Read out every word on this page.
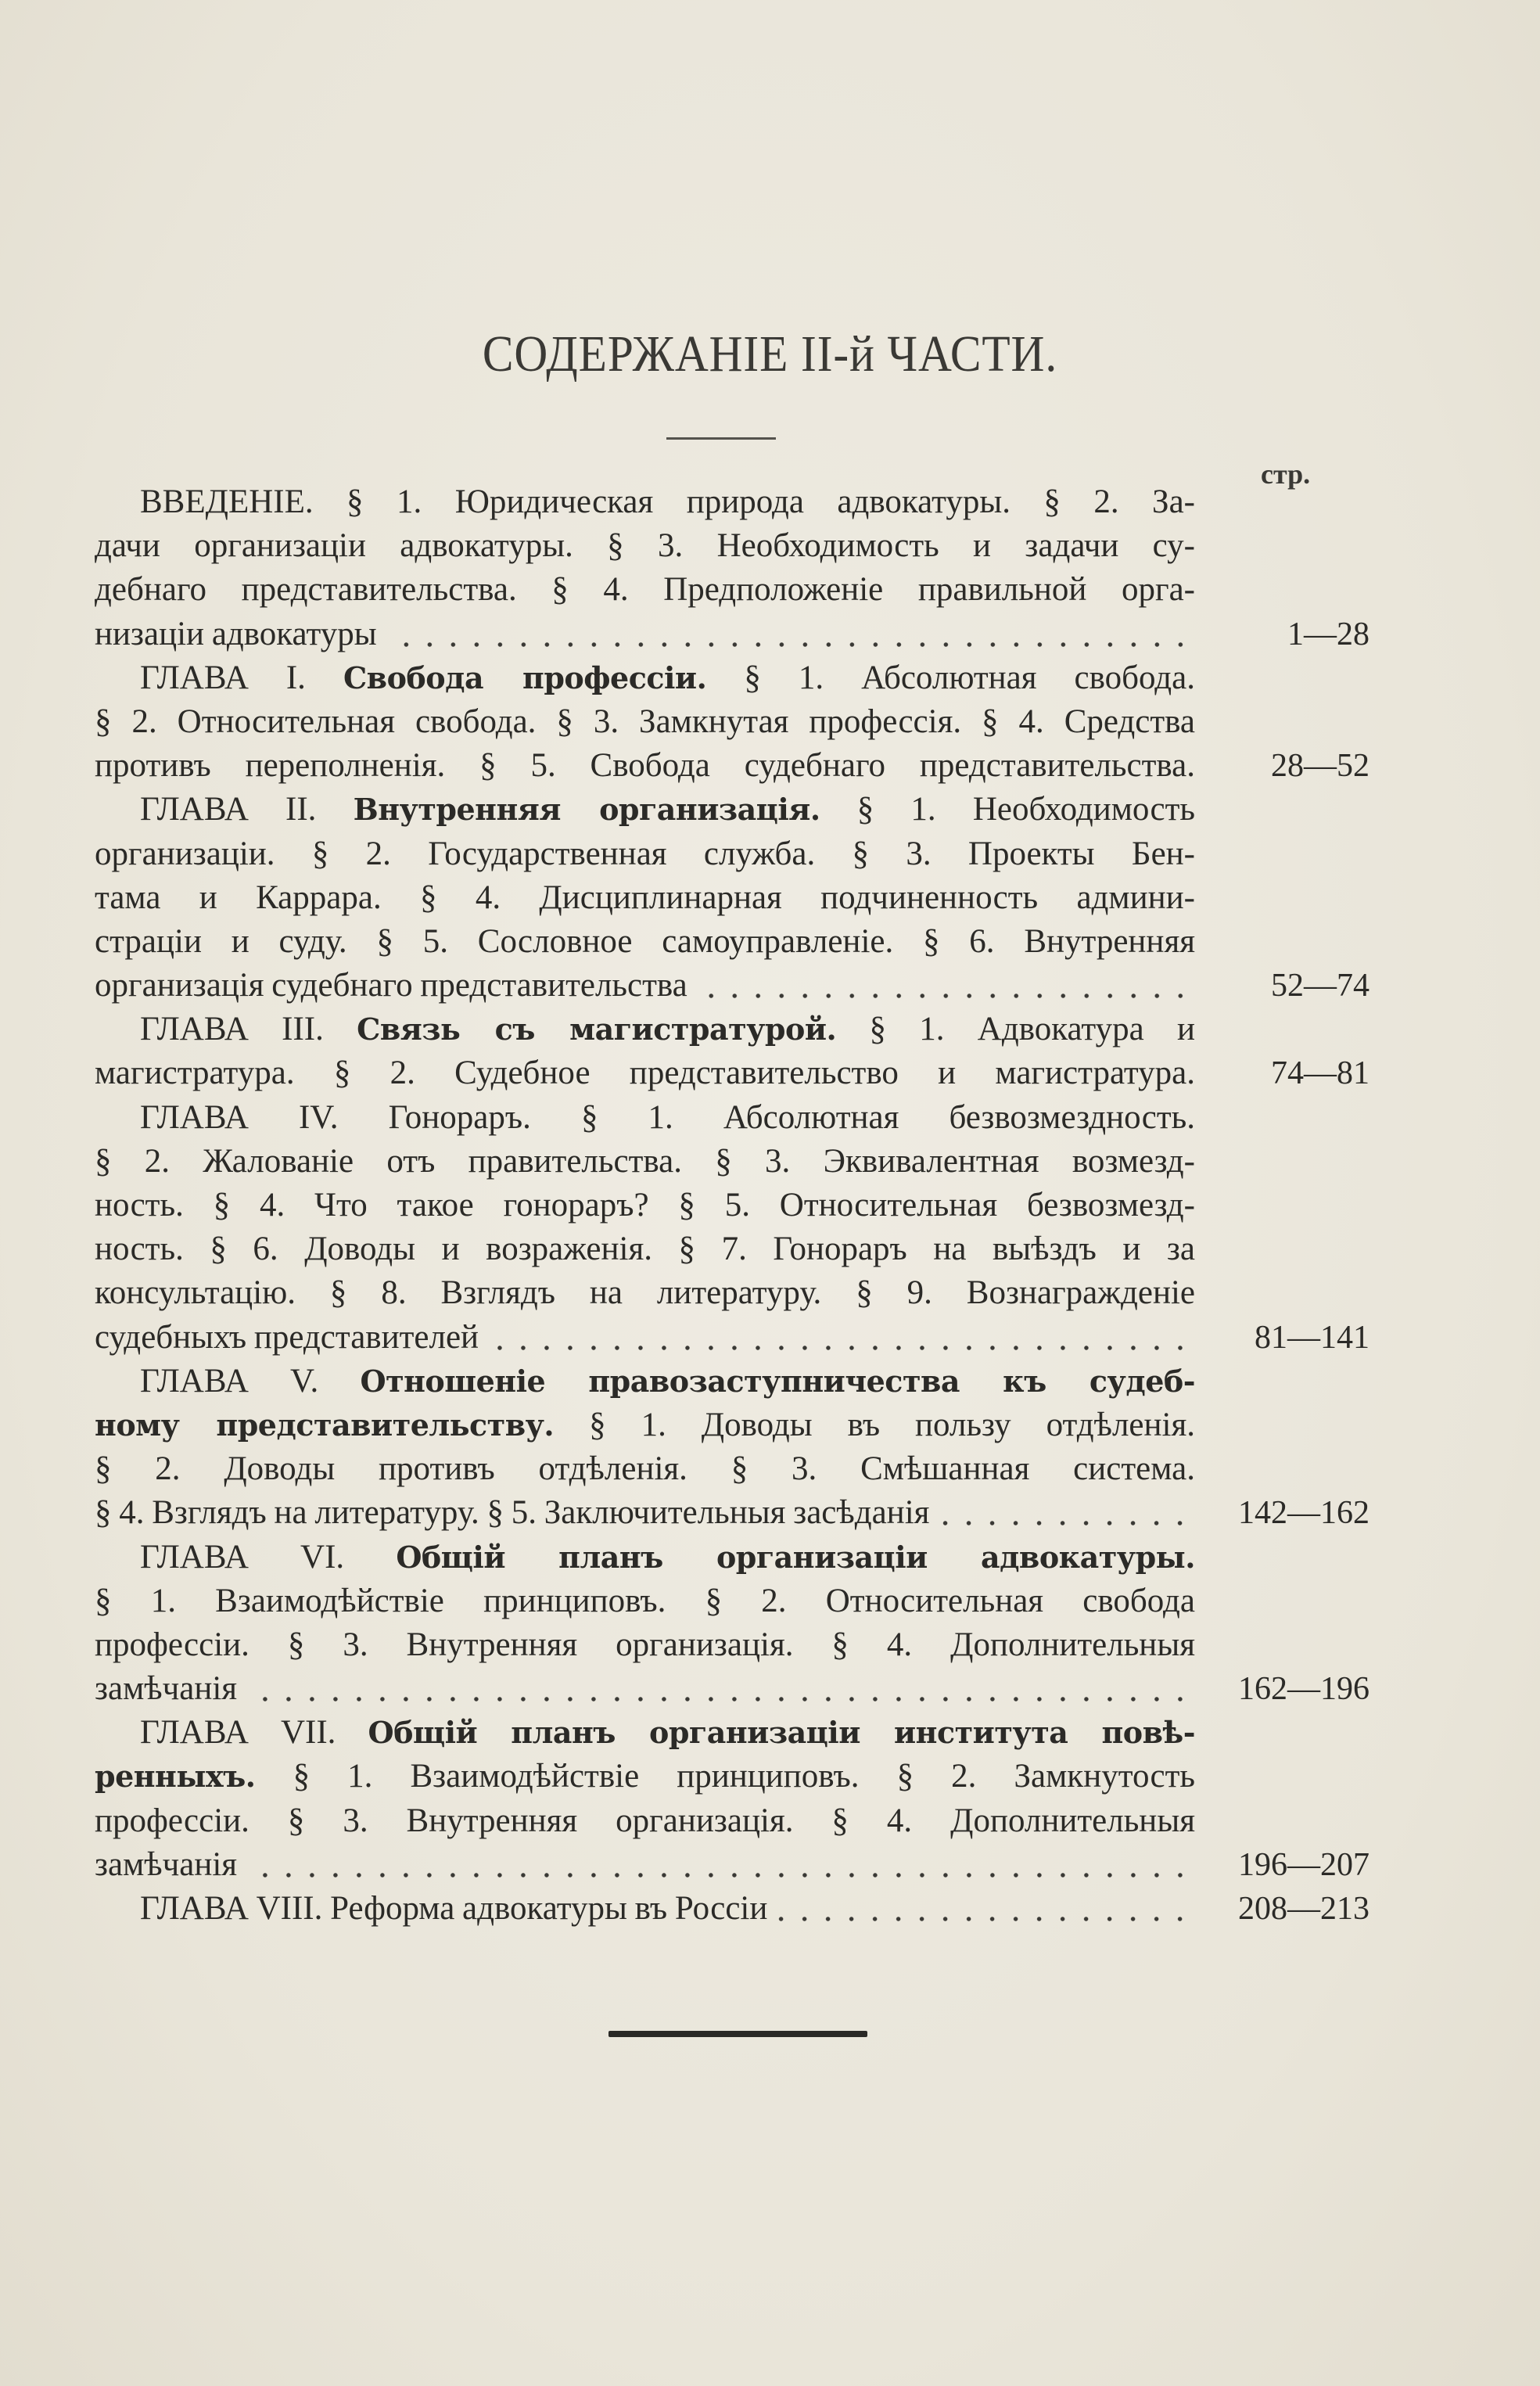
СОДЕРЖАНІЕ II-й ЧАСТИ.
стр.
ВВЕДЕНІЕ. § 1. Юридическая природа адвокатуры. § 2. За-
дачи организаціи адвокатуры. § 3. Необходимость и задачи су-
дебнаго представительства. § 4. Предположеніе правильной орга-
низаціи адвокатуры	1—28
ГЛАВА I. Свобода профессіи. § 1. Абсолютная свобода.
§ 2. Относительная свобода. § 3. Замкнутая профессія. § 4. Средства
противъ переполненія. § 5. Свобода судебнаго представительства.	28—52
ГЛАВА II. Внутренняя организація. § 1. Необходимость
организаціи. § 2. Государственная служба. § 3. Проекты Бен-
тама и Каррара. § 4. Дисциплинарная подчиненность админи-
страціи и суду. § 5. Сословное самоуправленіе. § 6. Внутренняя
организація судебнаго представительства	52—74
ГЛАВА III. Связь съ магистратурой. § 1. Адвокатура и
магистратура. § 2. Судебное представительство и магистратура.	74—81
ГЛАВА IV. Гонораръ. § 1. Абсолютная безвозмездность.
§ 2. Жалованіе отъ правительства. § 3. Эквивалентная возмезд-
ность. § 4. Что такое гонораръ? § 5. Относительная безвозмезд-
ность. § 6. Доводы и возраженія. § 7. Гонораръ на выѣздъ и за
консультацію. § 8. Взглядъ на литературу. § 9. Вознагражденіе
судебныхъ представителей	81—141
ГЛАВА V. Отношеніе правозаступничества къ судеб-
ному представительству. § 1. Доводы въ пользу отдѣленія.
§ 2. Доводы противъ отдѣленія. § 3. Смѣшанная система.
§ 4. Взглядъ на литературу. § 5. Заключительныя засѣданія	142—162
ГЛАВА VI. Общій планъ организаціи адвокатуры.
§ 1. Взаимодѣйствіе принциповъ. § 2. Относительная свобода
профессіи. § 3. Внутренняя организація. § 4. Дополнительныя
замѣчанія	162—196
ГЛАВА VII. Общій планъ организаціи института повѣ-
ренныхъ. § 1. Взаимодѣйствіе принциповъ. § 2. Замкнутость
профессіи. § 3. Внутренняя организація. § 4. Дополнительныя
замѣчанія	196—207
ГЛАВА VIII. Реформа адвокатуры въ Россіи	208—213
